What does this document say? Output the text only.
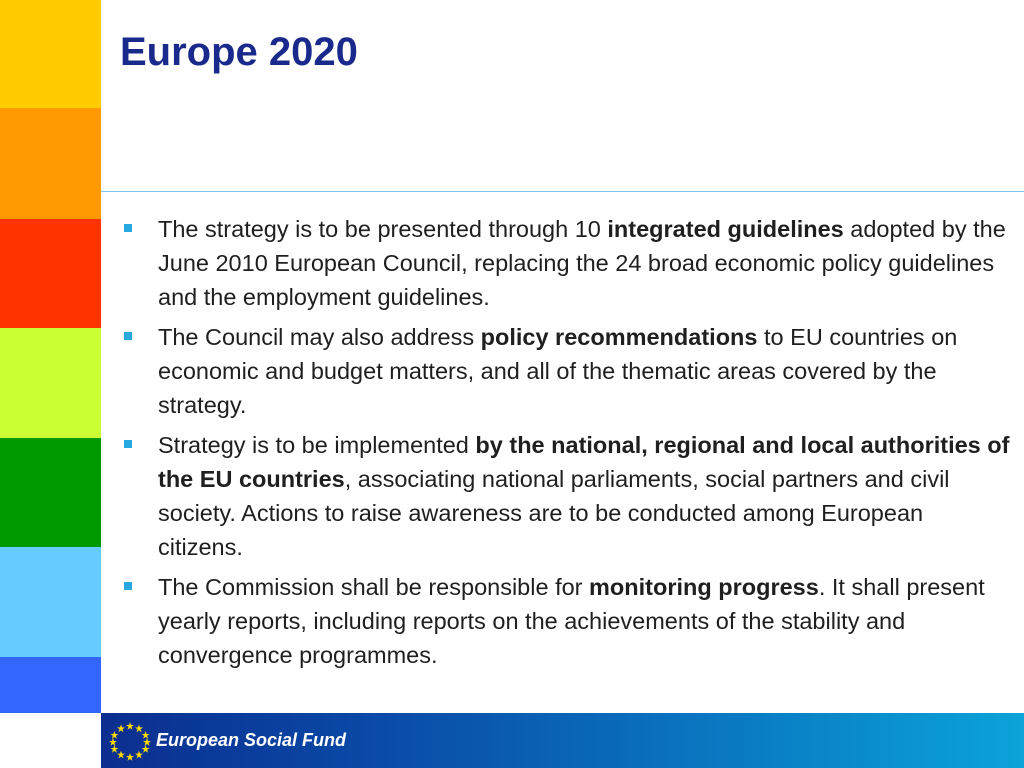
Europe 2020
The strategy is to be presented through 10 integrated guidelines adopted by the June 2010 European Council, replacing the 24 broad economic policy guidelines and the employment guidelines.
The Council may also address policy recommendations to EU countries on economic and budget matters, and all of the thematic areas covered by the strategy.
Strategy is to be implemented by the national, regional and local authorities of the EU countries, associating national parliaments, social partners and civil society. Actions to raise awareness are to be conducted among European citizens.
The Commission shall be responsible for monitoring progress. It shall present yearly reports, including reports on the achievements of the stability and convergence programmes.
European Social Fund
